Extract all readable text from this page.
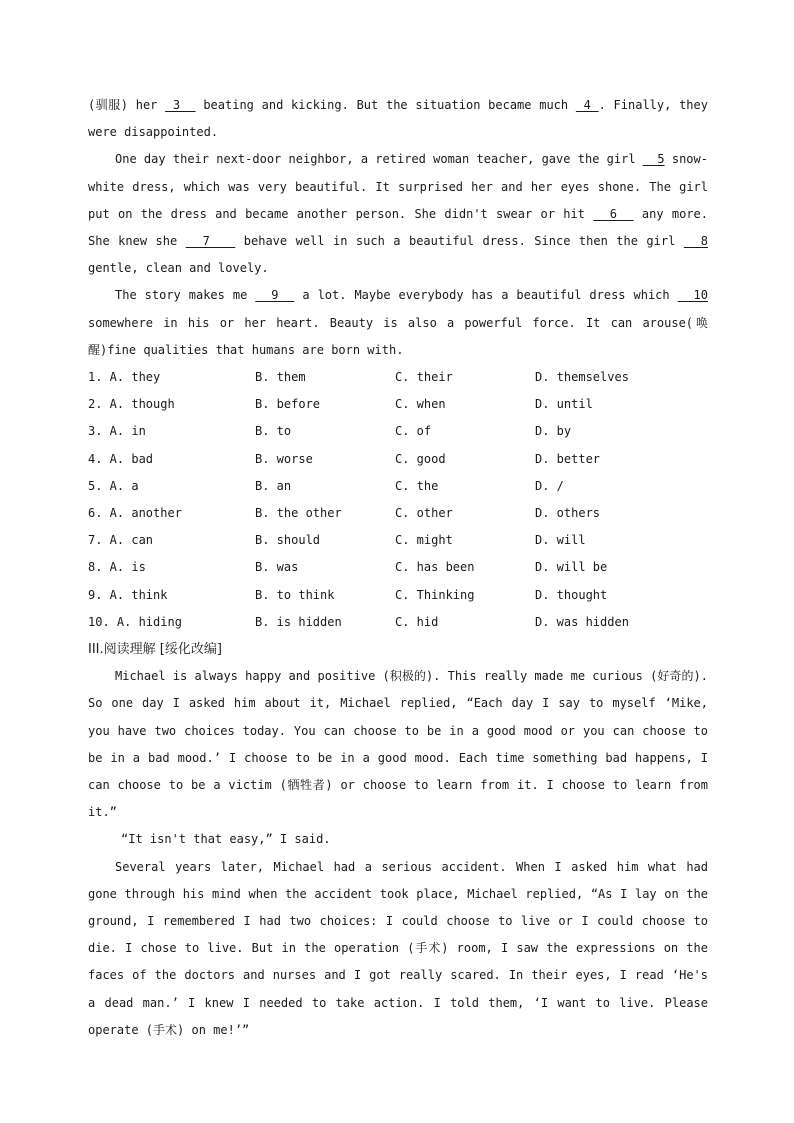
(驯服) her  3   beating and kicking. But the situation became much  4 . Finally, they were disappointed.

One day their next-door neighbor, a retired woman teacher, gave the girl   5 snow-white dress, which was very beautiful. It surprised her and her eyes shone. The girl put on the dress and became another person. She didn't swear or hit   6   any more. She knew she   7    behave well in such a beautiful dress. Since then the girl   8 gentle, clean and lovely.

The story makes me   9   a lot. Maybe everybody has a beautiful dress which   10 somewhere in his or her heart. Beauty is also a powerful force. It can arouse(唤醒)fine qualities that humans are born with.

1. A. they	B. them	C. their	D. themselves
2. A. though	B. before	C. when	D. until
3. A. in	B. to	C. of	D. by
4. A. bad	B. worse	C. good	D. better
5. A. a	B. an	C. the	D. /
6. A. another	B. the other	C. other	D. others
7. A. can	B. should	C. might	D. will
8. A. is	B. was	C. has been	D. will be
9. A. think	B. to think	C. Thinking	D. thought
10. A. hiding	B. is hidden	C. hid	D. was hidden

III.阅读理解 [绥化改编]

Michael is always happy and positive (积极的). This really made me curious (好奇的). So one day I asked him about it, Michael replied, “Each day I say to myself ‘Mike, you have two choices today. You can choose to be in a good mood or you can choose to be in a bad mood.’ I choose to be in a good mood. Each time something bad happens, I can choose to be a victim (牺牲者) or choose to learn from it. I choose to learn from it.”

“It isn't that easy,” I said.

Several years later, Michael had a serious accident. When I asked him what had gone through his mind when the accident took place, Michael replied, “As I lay on the ground, I remembered I had two choices: I could choose to live or I could choose to die. I chose to live. But in the operation (手术) room, I saw the expressions on the faces of the doctors and nurses and I got really scared. In their eyes, I read ‘He's a dead man.’ I knew I needed to take action. I told them, ‘I want to live. Please operate (手术) on me!’”
